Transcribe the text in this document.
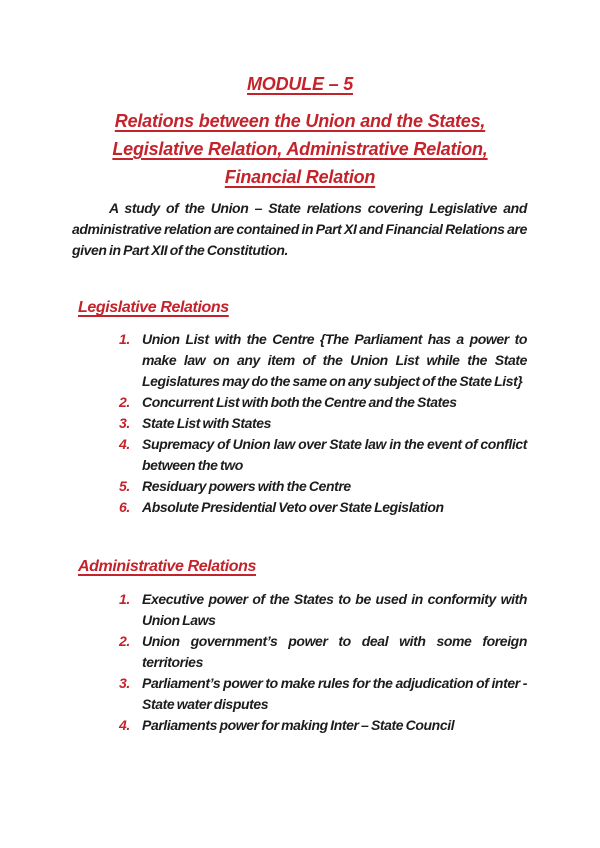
MODULE – 5
Relations between the Union and the States,
Legislative Relation, Administrative Relation,
Financial Relation

A study of the Union – State relations covering Legislative and administrative relation are contained in Part XI and Financial Relations are given in Part XII of the Constitution.

Legislative Relations
1. Union List with the Centre {The Parliament has a power to make law on any item of the Union List while the State Legislatures may do the same on any subject of the State List}
2. Concurrent List with both the Centre and the States
3. State List with States
4. Supremacy of Union law over State law in the event of conflict between the two
5. Residuary powers with the Centre
6. Absolute Presidential Veto over State Legislation
Administrative Relations
1. Executive power of the States to be used in conformity with Union Laws
2. Union government’s power to deal with some foreign territories
3. Parliament’s power to make rules for the adjudication of inter -State water disputes
4. Parliaments power for making Inter – State Council
